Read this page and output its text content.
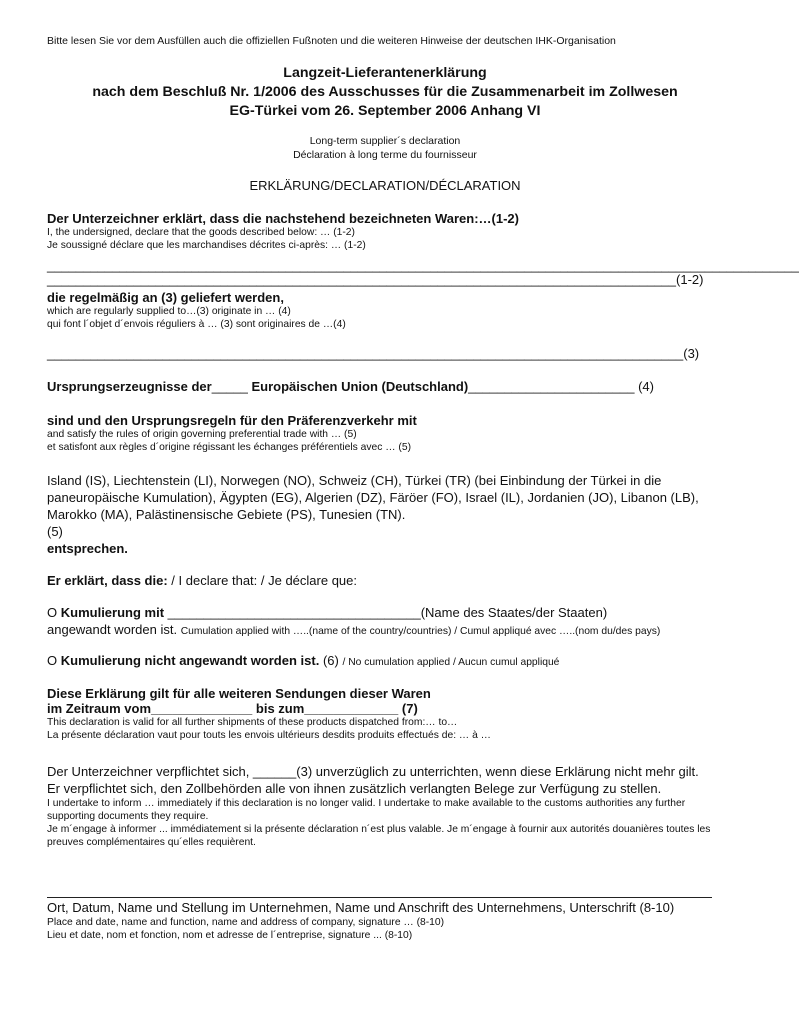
Bitte lesen Sie vor dem Ausfüllen auch die offiziellen Fußnoten und die weiteren Hinweise der deutschen IHK-Organisation
Langzeit-Lieferantenerklärung
nach dem Beschluß Nr. 1/2006 des Ausschusses für die Zusammenarbeit im Zollwesen
EG-Türkei vom 26. September 2006 Anhang VI
Long-term supplier´s declaration
Déclaration à long terme du fournisseur
ERKLÄRUNG/DECLARATION/DÉCLARATION
Der Unterzeichner erklärt, dass die nachstehend bezeichneten Waren:…(1-2)
I, the undersigned, declare that the goods described below: … (1-2)
Je soussigné déclare que les marchandises décrites ci-après: … (1-2)
________________________________________________________________________________________________________
_______________________________________________________________________________________(1-2)
die regelmäßig an (3) geliefert werden,
which are regularly supplied to…(3) originate in … (4)
qui font l´objet d´envois réguliers à … (3) sont originaires de …(4)
________________________________________________________________________________________(3)
Ursprungserzeugnisse der_____ Europäischen Union (Deutschland)_______________________ (4)
sind und den Ursprungsregeln für den Präferenzverkehr mit
and satisfy the rules of origin governing preferential trade with … (5)
et satisfont aux règles d´origine régissant les échanges préférentiels avec … (5)
Island (IS), Liechtenstein (LI), Norwegen (NO), Schweiz (CH), Türkei (TR) (bei Einbindung der Türkei in die paneuropäische Kumulation), Ägypten (EG), Algerien (DZ), Färöer (FO), Israel (IL), Jordanien (JO), Libanon (LB), Marokko (MA), Palästinensische Gebiete (PS), Tunesien (TN).
(5)
entsprechen.
Er erklärt, dass die: / I declare that: / Je déclare que:
O Kumulierung mit ___________________________________(Name des Staates/der Staaten)
angewandt worden ist. Cumulation applied with …..(name of the country/countries) / Cumul appliqué avec …..(nom du/des pays)
O Kumulierung nicht angewandt worden ist. (6) / No cumulation applied / Aucun cumul appliqué
Diese Erklärung gilt für alle weiteren Sendungen dieser Waren
im Zeitraum vom______________ bis zum_____________ (7)
This declaration is valid for all further shipments of these products dispatched from:… to…
La présente déclaration vaut pour touts les envois ultérieurs desdits produits effectués de: … à …
Der Unterzeichner verpflichtet sich, ______(3) unverzüglich zu unterrichten, wenn diese Erklärung nicht mehr gilt. Er verpflichtet sich, den Zollbehörden alle von ihnen zusätzlich verlangten Belege zur Verfügung zu stellen.
I undertake to inform … immediately if this declaration is no longer valid. I undertake to make available to the customs authorities any further supporting documents they require.
Je m´engage à informer ... immédiatement si la présente déclaration n´est plus valable. Je m´engage à fournir aux autorités douanières toutes les preuves complémentaires qu´elles requièrent.
Ort, Datum, Name und Stellung im Unternehmen, Name und Anschrift des Unternehmens, Unterschrift (8-10)
Place and date, name and function, name and address of company, signature … (8-10)
Lieu et date, nom et fonction, nom et adresse de l´entreprise, signature ... (8-10)
